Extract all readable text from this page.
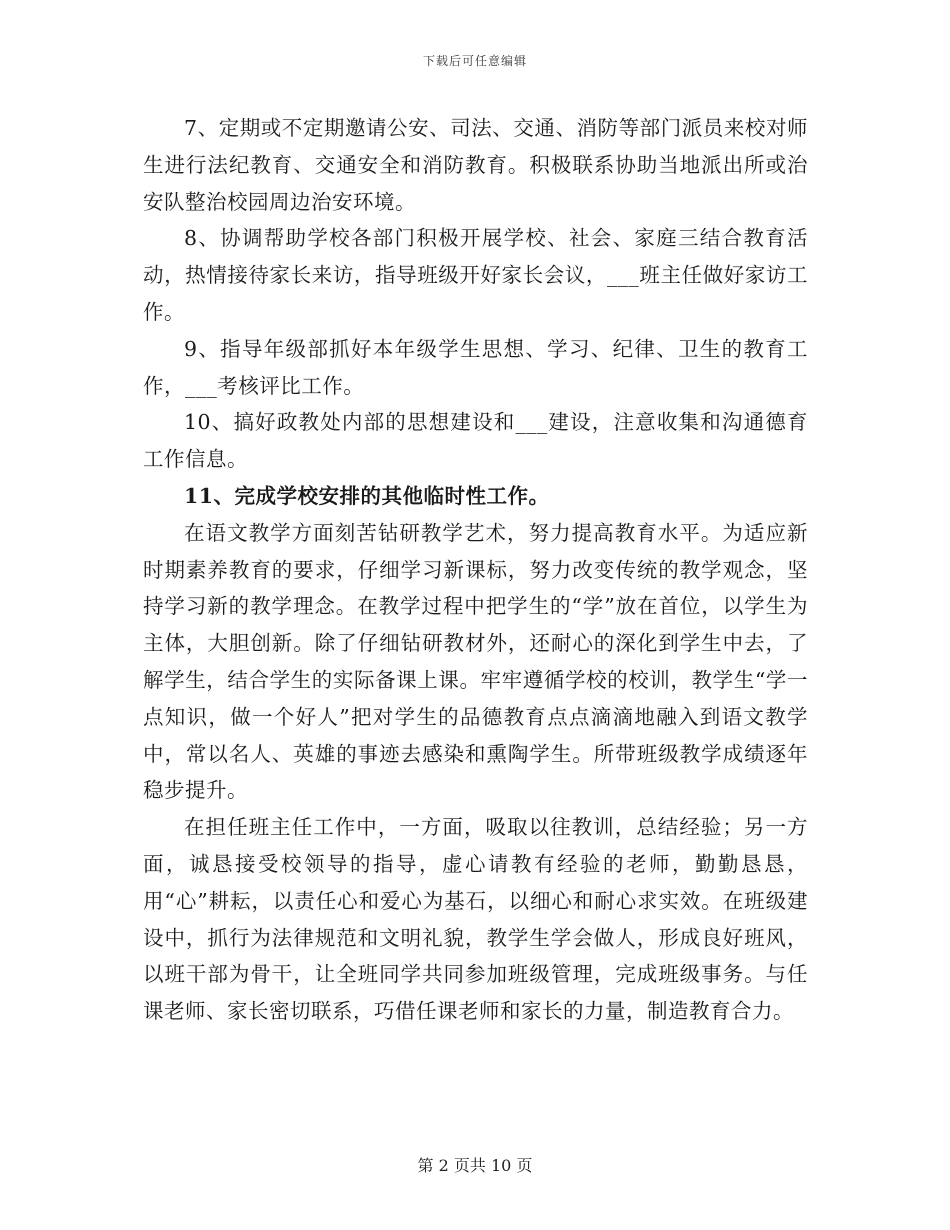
下载后可任意编辑

7、定期或不定期邀请公安、司法、交通、消防等部门派员来校对师生进行法纪教育、交通安全和消防教育。积极联系协助当地派出所或治安队整治校园周边治安环境。

8、协调帮助学校各部门积极开展学校、社会、家庭三结合教育活动，热情接待家长来访，指导班级开好家长会议，___班主任做好家访工作。

9、指导年级部抓好本年级学生思想、学习、纪律、卫生的教育工作，___考核评比工作。

10、搞好政教处内部的思想建设和___建设，注意收集和沟通德育工作信息。

11、完成学校安排的其他临时性工作。

在语文教学方面刻苦钻研教学艺术，努力提高教育水平。为适应新时期素养教育的要求，仔细学习新课标，努力改变传统的教学观念，坚持学习新的教学理念。在教学过程中把学生的“学”放在首位，以学生为主体，大胆创新。除了仔细钻研教材外，还耐心的深化到学生中去，了解学生，结合学生的实际备课上课。牢牢遵循学校的校训，教学生“学一点知识，做一个好人”把对学生的品德教育点点滴滴地融入到语文教学中，常以名人、英雄的事迹去感染和熏陶学生。所带班级教学成绩逐年稳步提升。

在担任班主任工作中，一方面，吸取以往教训，总结经验；另一方面，诚恳接受校领导的指导，虚心请教有经验的老师，勤勤恳恳，用“心”耕耘，以责任心和爱心为基石，以细心和耐心求实效。在班级建设中，抓行为法律规范和文明礼貌，教学生学会做人，形成良好班风，以班干部为骨干，让全班同学共同参加班级管理，完成班级事务。与任课老师、家长密切联系，巧借任课老师和家长的力量，制造教育合力。

第 2 页共 10 页
